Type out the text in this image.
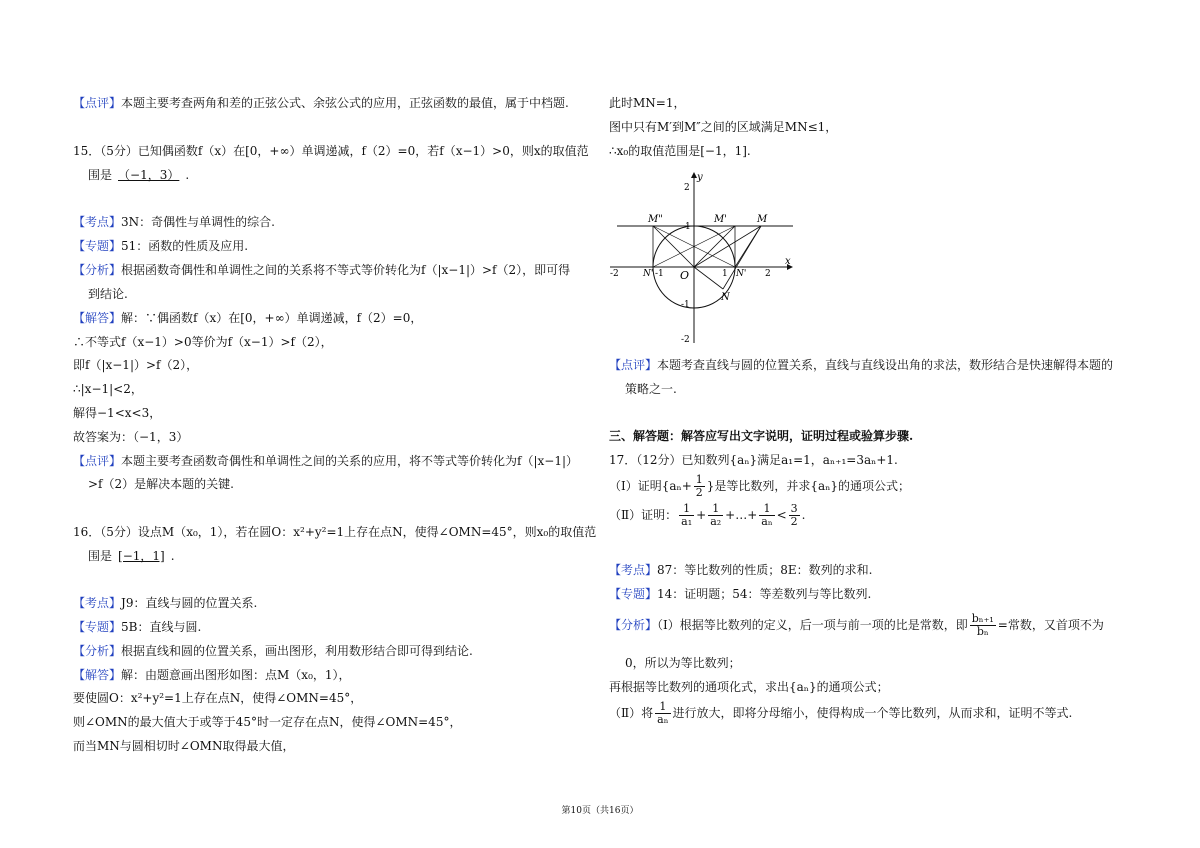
【点评】本题主要考查两角和差的正弦公式、余弦公式的应用，正弦函数的最值，属于中档题.
15．（5分）已知偶函数f（x）在[0，+∞）单调递减，f（2）=0，若f（x−1）>0，则x的取值范
围是 （−1，3） .
【考点】3N：奇偶性与单调性的综合.
【专题】51：函数的性质及应用.
【分析】根据函数奇偶性和单调性之间的关系将不等式等价转化为f（|x−1|）>f（2），即可得
到结论.
【解答】解：∵偶函数f（x）在[0，+∞）单调递减，f（2）=0，
∴不等式f（x−1）>0等价为f（x−1）>f（2），
即f（|x−1|）>f（2），
∴|x−1|<2，
解得−1<x<3，
故答案为：（−1，3）
【点评】本题主要考查函数奇偶性和单调性之间的关系的应用，将不等式等价转化为f（|x−1|）
>f（2）是解决本题的关键.
16．（5分）设点M（x₀，1），若在圆O：x²+y²=1上存在点N，使得∠OMN=45°，则x₀的取值范
围是 [−1，1] .
【考点】J9：直线与圆的位置关系.
【专题】5B：直线与圆.
【分析】根据直线和圆的位置关系，画出图形，利用数形结合即可得到结论.
【解答】解：由题意画出图形如图：点M（x₀，1），
要使圆O：x²+y²=1上存在点N，使得∠OMN=45°，
则∠OMN的最大值大于或等于45°时一定存在点N，使得∠OMN=45°，
而当MN与圆相切时∠OMN取得最大值，
此时MN=1，
图中只有M′到M″之间的区域满足MN≤1，
∴x₀的取值范围是[−1，1].
y
x
O
2
1
-1
-2
-2	-1	1	2
M"	M'	M
N'	N'
N
【点评】本题考查直线与圆的位置关系，直线与直线设出角的求法，数形结合是快速解得本题的
策略之一.
三、解答题：解答应写出文字说明，证明过程或验算步骤.
17．（12分）已知数列{aₙ}满足a₁=1，aₙ₊₁=3aₙ+1.
（Ⅰ）证明{$a_n+ \frac{1}{2}$ }是等比数列，并求{aₙ}的通项公式；
（Ⅱ）证明： $\frac{1}{\text{a₁}} + \frac{1}{\text{a₂}}$ +…+ $\frac{1}{\text{aₙ}} < \frac{3}{2}$ .
【考点】87：等比数列的性质；8E：数列的求和.
【专题】14：证明题；54：等差数列与等比数列.
【分析】（Ⅰ）根据等比数列的定义，后一项与前一项的比是常数，即 $\frac{\text{bₙ₊₁}}{\text{bₙ}}$ =常数，又首项不为
0，所以为等比数列；
再根据等比数列的通项化式，求出{aₙ}的通项公式；
（Ⅱ）将 $\frac{1}{\text{aₙ}}$ 进行放大，即将分母缩小，使得构成一个等比数列，从而求和，证明不等式.
第10页（共16页）
